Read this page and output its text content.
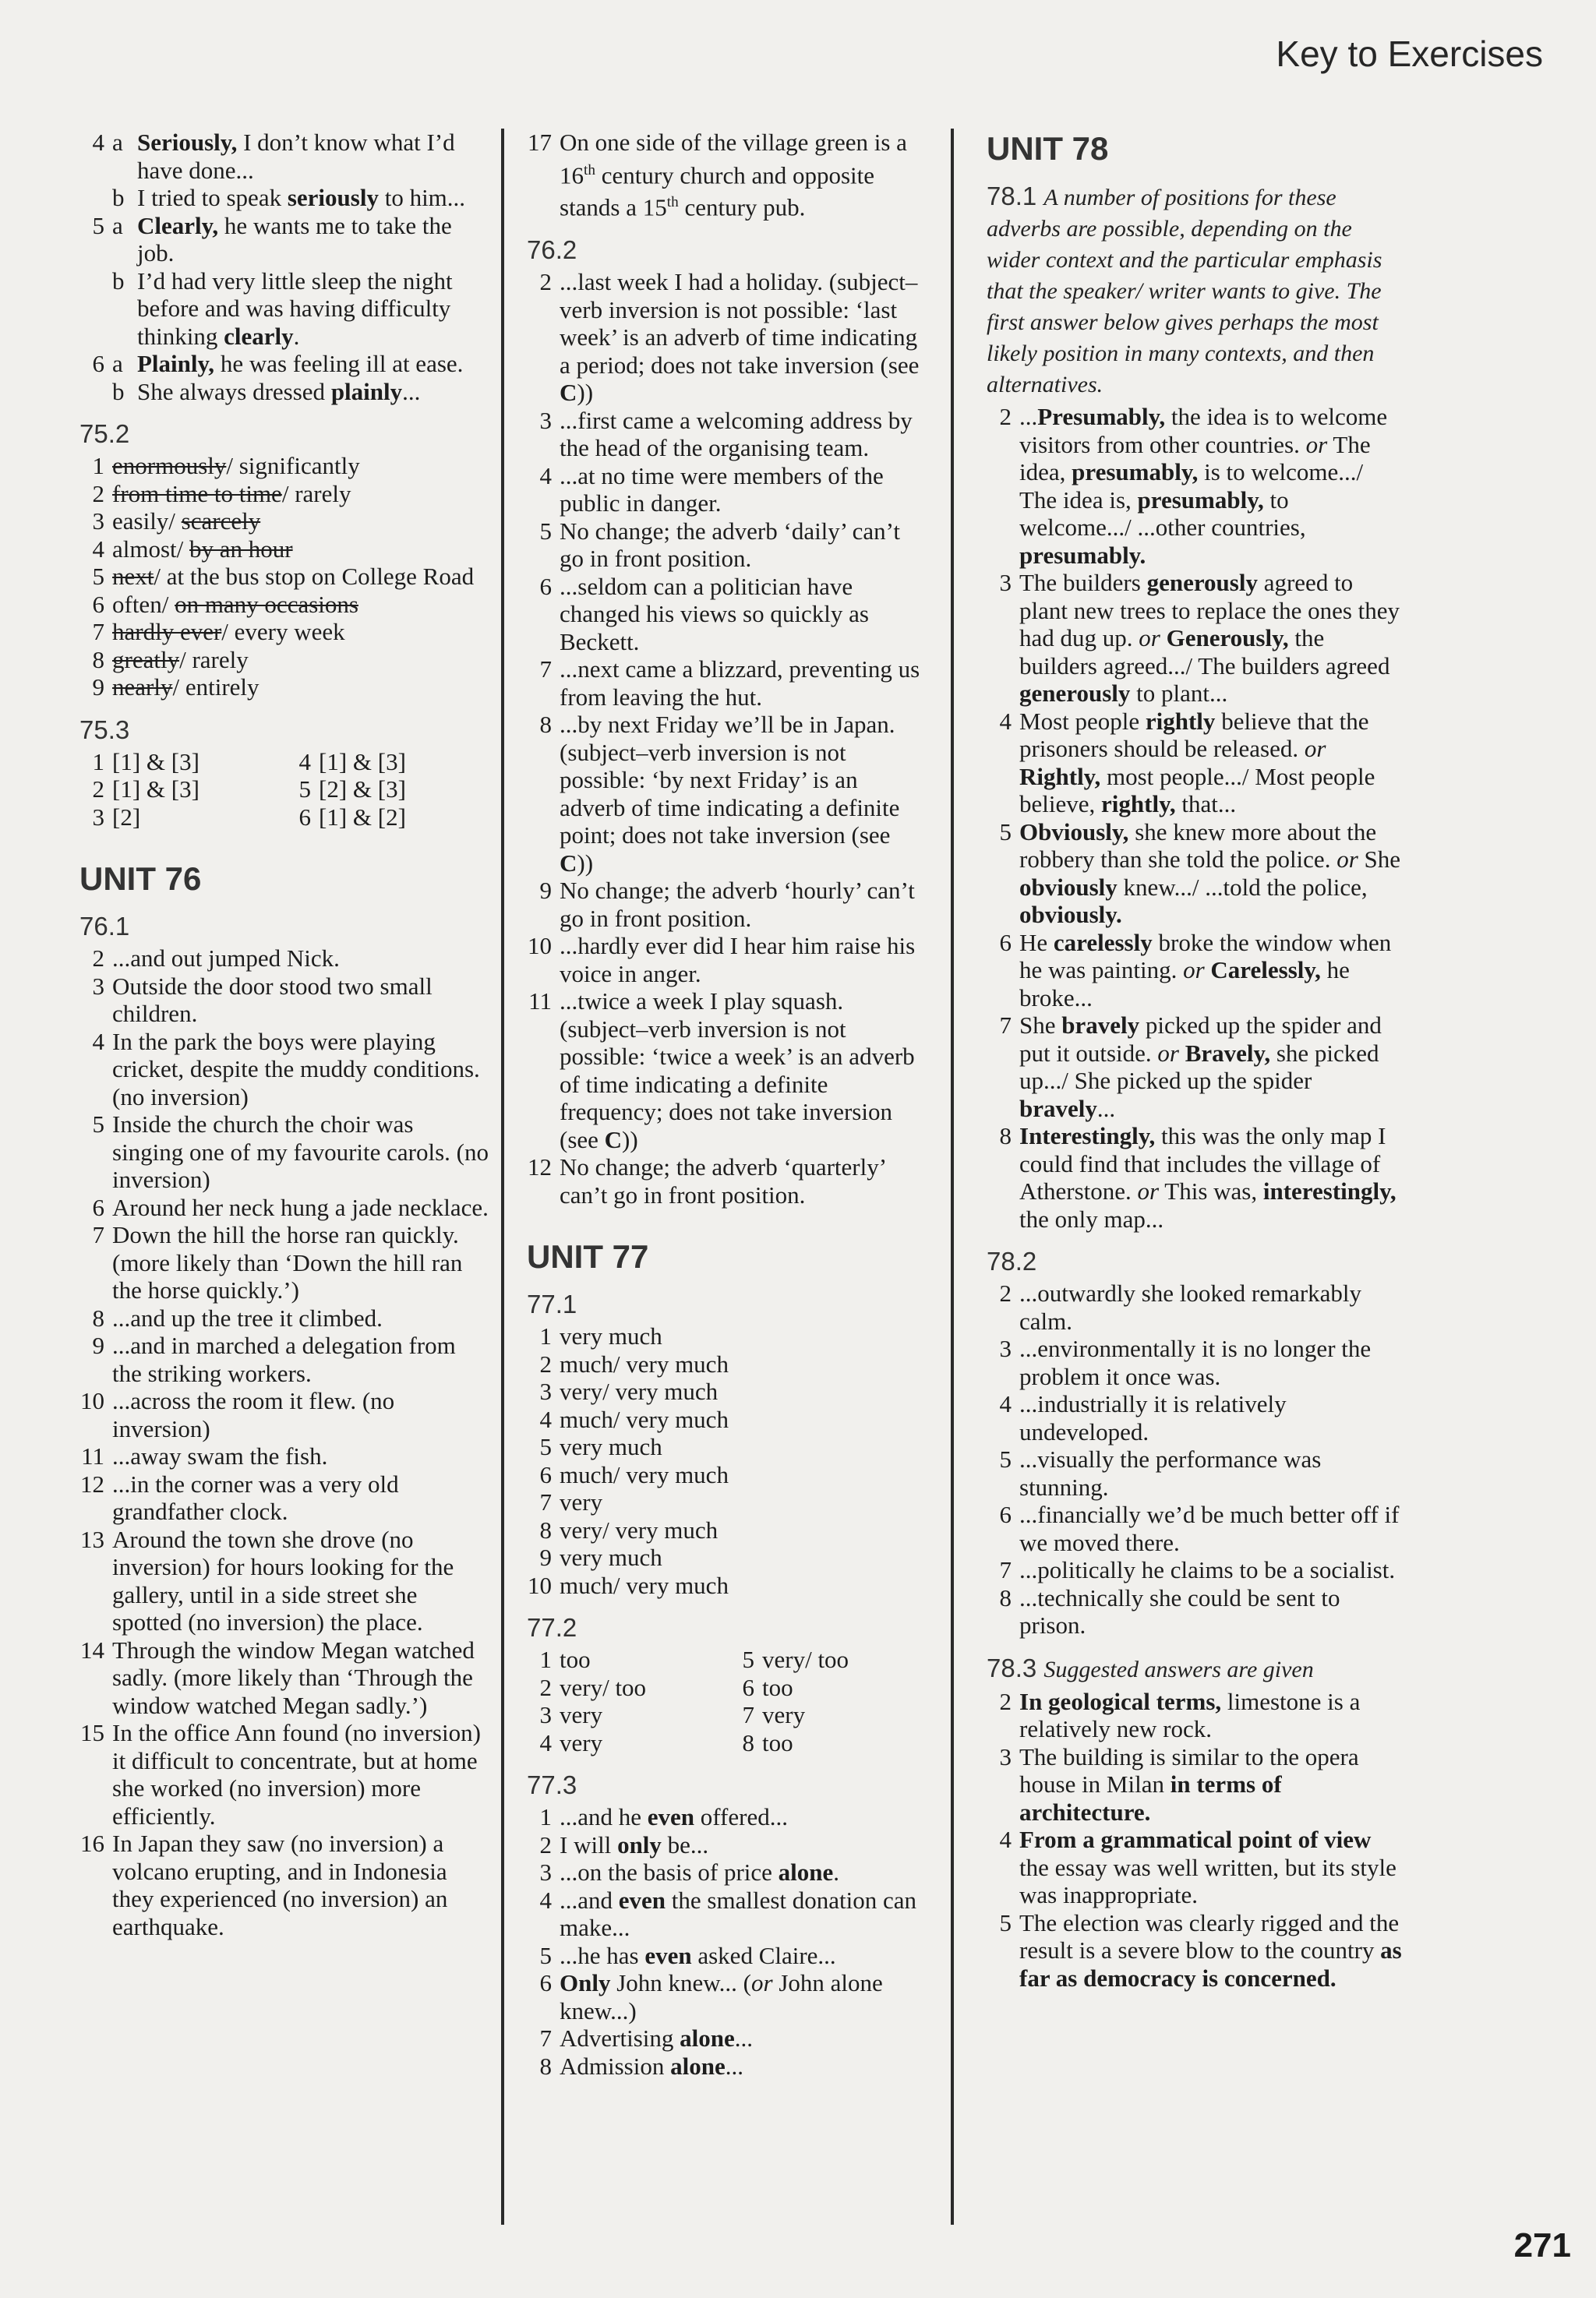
Key to Exercises
4 a Seriously, I don’t know what I’d have done...
b I tried to speak seriously to him...
5 a Clearly, he wants me to take the job.
b I’d had very little sleep the night before and was having difficulty thinking clearly.
6 a Plainly, he was feeling ill at ease.
b She always dressed plainly...
75.2
1 enormously/ significantly
2 from time to time/ rarely
3 easily/ scarcely
4 almost/ by an hour
5 next/ at the bus stop on College Road
6 often/ on many occasions
7 hardly ever/ every week
8 greatly/ rarely
9 nearly/ entirely
75.3
1 [1] & [3]	4 [1] & [3]
2 [1] & [3]	5 [2] & [3]
3 [2]	6 [1] & [2]
UNIT 76
76.1
2 ...and out jumped Nick.
3 Outside the door stood two small children.
4 In the park the boys were playing cricket, despite the muddy conditions. (no inversion)
5 Inside the church the choir was singing one of my favourite carols. (no inversion)
6 Around her neck hung a jade necklace.
7 Down the hill the horse ran quickly. (more likely than ‘Down the hill ran the horse quickly.’)
8 ...and up the tree it climbed.
9 ...and in marched a delegation from the striking workers.
10 ...across the room it flew. (no inversion)
11 ...away swam the fish.
12 ...in the corner was a very old grandfather clock.
13 Around the town she drove (no inversion) for hours looking for the gallery, until in a side street she spotted (no inversion) the place.
14 Through the window Megan watched sadly. (more likely than ‘Through the window watched Megan sadly.’)
15 In the office Ann found (no inversion) it difficult to concentrate, but at home she worked (no inversion) more efficiently.
16 In Japan they saw (no inversion) a volcano erupting, and in Indonesia they experienced (no inversion) an earthquake.
17 On one side of the village green is a 16th century church and opposite stands a 15th century pub.
76.2
2 ...last week I had a holiday. (subject–verb inversion is not possible: ‘last week’ is an adverb of time indicating a period; does not take inversion (see C))
3 ...first came a welcoming address by the head of the organising team.
4 ...at no time were members of the public in danger.
5 No change; the adverb ‘daily’ can’t go in front position.
6 ...seldom can a politician have changed his views so quickly as Beckett.
7 ...next came a blizzard, preventing us from leaving the hut.
8 ...by next Friday we’ll be in Japan. (subject–verb inversion is not possible: ‘by next Friday’ is an adverb of time indicating a definite point; does not take inversion (see C))
9 No change; the adverb ‘hourly’ can’t go in front position.
10 ...hardly ever did I hear him raise his voice in anger.
11 ...twice a week I play squash. (subject–verb inversion is not possible: ‘twice a week’ is an adverb of time indicating a definite frequency; does not take inversion (see C))
12 No change; the adverb ‘quarterly’ can’t go in front position.
UNIT 77
77.1
1 very much
2 much/ very much
3 very/ very much
4 much/ very much
5 very much
6 much/ very much
7 very
8 very/ very much
9 very much
10 much/ very much
77.2
1 too	5 very/ too
2 very/ too	6 too
3 very	7 very
4 very	8 too
77.3
1 ...and he even offered...
2 I will only be...
3 ...on the basis of price alone.
4 ...and even the smallest donation can make...
5 ...he has even asked Claire...
6 Only John knew... (or John alone knew...)
7 Advertising alone...
8 Admission alone...
UNIT 78
78.1 A number of positions for these adverbs are possible, depending on the wider context and the particular emphasis that the speaker/ writer wants to give. The first answer below gives perhaps the most likely position in many contexts, and then alternatives.
2 ...Presumably, the idea is to welcome visitors from other countries. or The idea, presumably, is to welcome.../ The idea is, presumably, to welcome.../ ...other countries, presumably.
3 The builders generously agreed to plant new trees to replace the ones they had dug up. or Generously, the builders agreed.../ The builders agreed generously to plant...
4 Most people rightly believe that the prisoners should be released. or Rightly, most people.../ Most people believe, rightly, that...
5 Obviously, she knew more about the robbery than she told the police. or She obviously knew.../ ...told the police, obviously.
6 He carelessly broke the window when he was painting. or Carelessly, he broke...
7 She bravely picked up the spider and put it outside. or Bravely, she picked up.../ She picked up the spider bravely...
8 Interestingly, this was the only map I could find that includes the village of Atherstone. or This was, interestingly, the only map...
78.2
2 ...outwardly she looked remarkably calm.
3 ...environmentally it is no longer the problem it once was.
4 ...industrially it is relatively undeveloped.
5 ...visually the performance was stunning.
6 ...financially we’d be much better off if we moved there.
7 ...politically he claims to be a socialist.
8 ...technically she could be sent to prison.
78.3 Suggested answers are given
2 In geological terms, limestone is a relatively new rock.
3 The building is similar to the opera house in Milan in terms of architecture.
4 From a grammatical point of view the essay was well written, but its style was inappropriate.
5 The election was clearly rigged and the result is a severe blow to the country as far as democracy is concerned.
271
